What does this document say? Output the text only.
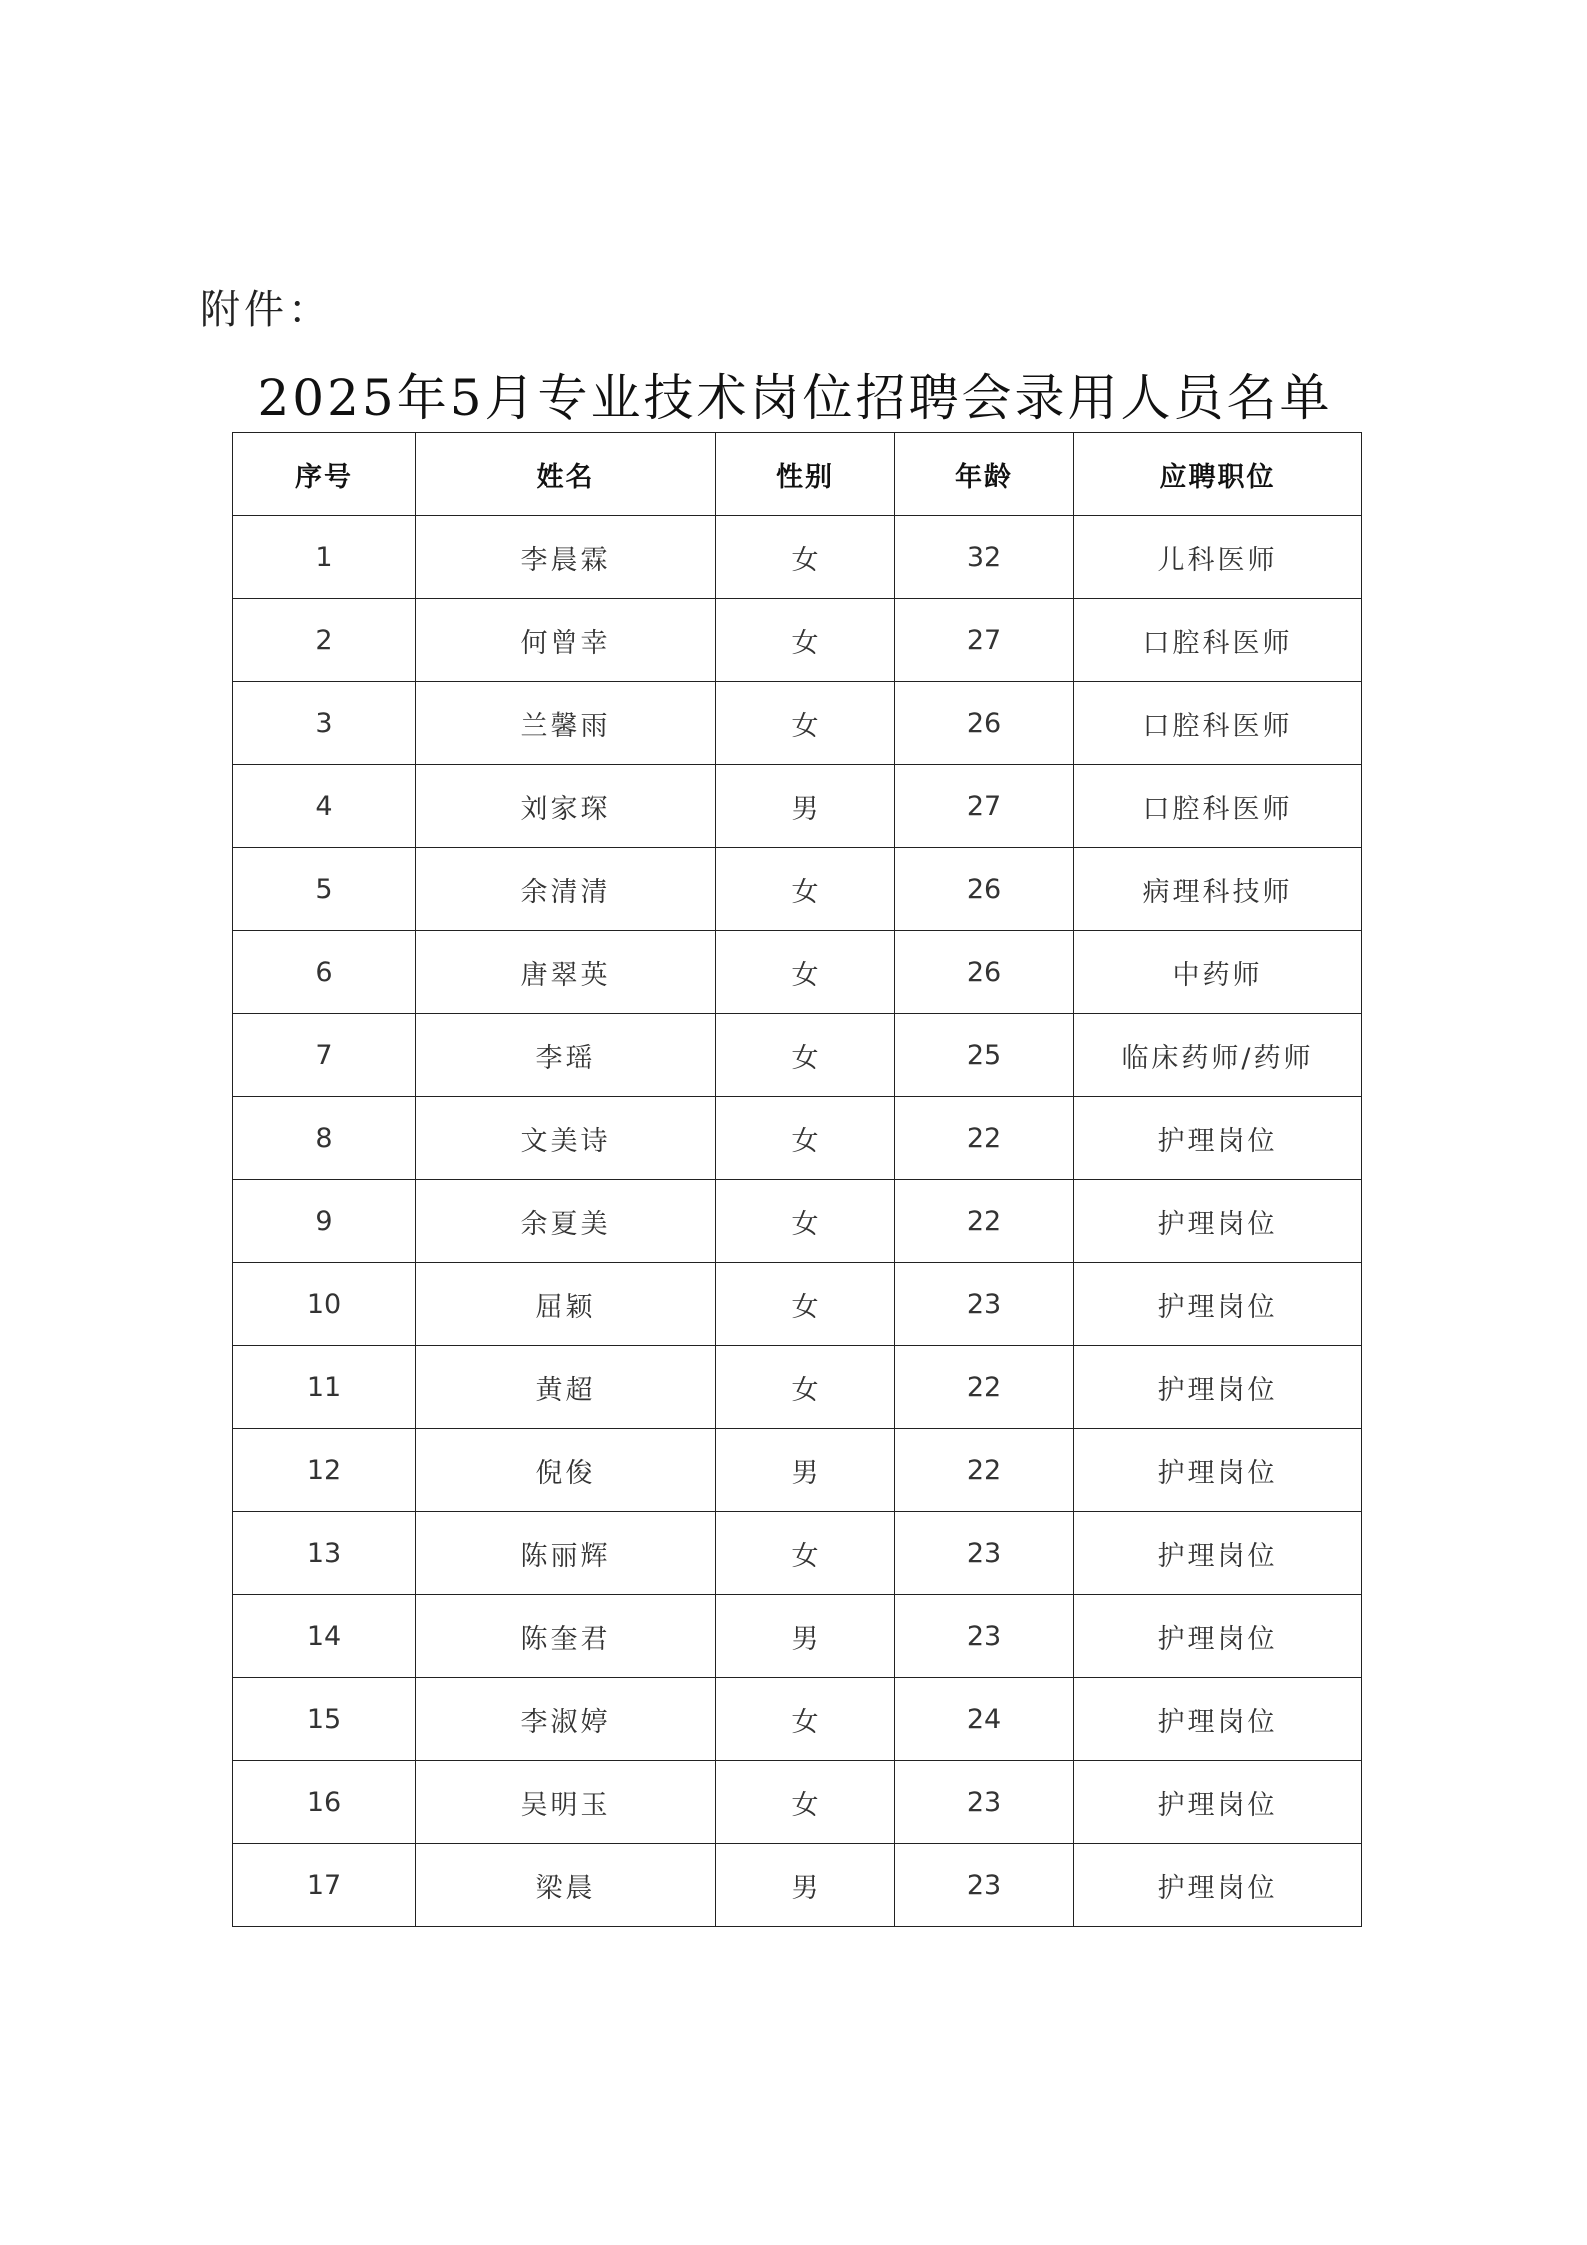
附件：
2025年5月专业技术岗位招聘会录用人员名单
序号	姓名	性别	年龄	应聘职位
1	李晨霖	女	32	儿科医师
2	何曾幸	女	27	口腔科医师
3	兰馨雨	女	26	口腔科医师
4	刘家琛	男	27	口腔科医师
5	余清清	女	26	病理科技师
6	唐翠英	女	26	中药师
7	李瑶	女	25	临床药师/药师
8	文美诗	女	22	护理岗位
9	余夏美	女	22	护理岗位
10	屈颖	女	23	护理岗位
11	黄超	女	22	护理岗位
12	倪俊	男	22	护理岗位
13	陈丽辉	女	23	护理岗位
14	陈奎君	男	23	护理岗位
15	李淑婷	女	24	护理岗位
16	吴明玉	女	23	护理岗位
17	梁晨	男	23	护理岗位
